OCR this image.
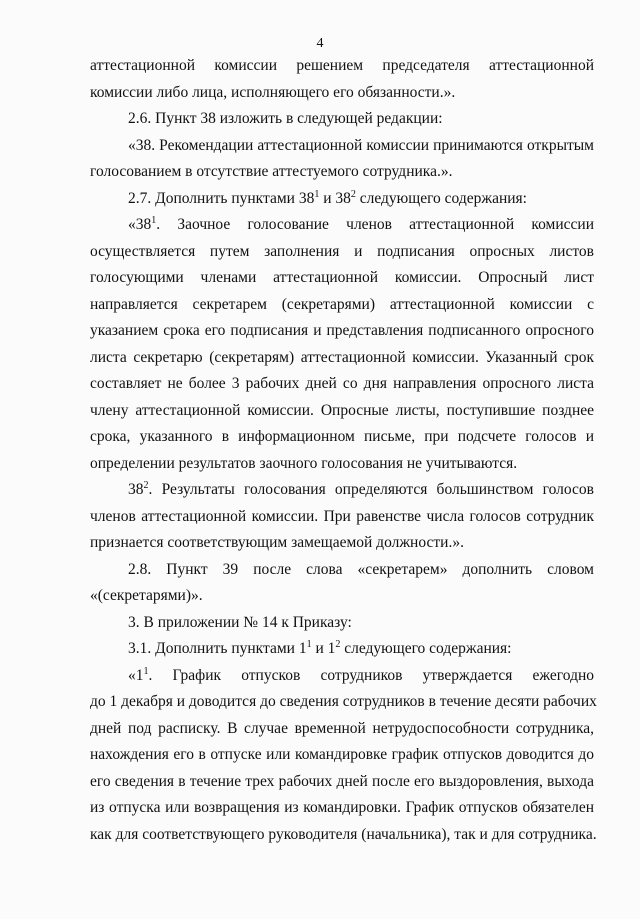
4
аттестационной комиссии решением председателя аттестационной
комиссии либо лица, исполняющего его обязанности.».
2.6. Пункт 38 изложить в следующей редакции:
«38. Рекомендации аттестационной комиссии принимаются открытым
голосованием в отсутствие аттестуемого сотрудника.».
2.7. Дополнить пунктами $38^1$ и $38^2$ следующего содержания:
«$38^1$. Заочное голосование членов аттестационной комиссии
осуществляется путем заполнения и подписания опросных листов
голосующими членами аттестационной комиссии. Опросный лист
направляется секретарем (секретарями) аттестационной комиссии с
указанием срока его подписания и представления подписанного опросного
листа секретарю (секретарям) аттестационной комиссии. Указанный срок
составляет не более 3 рабочих дней со дня направления опросного листа
члену аттестационной комиссии. Опросные листы, поступившие позднее
срока, указанного в информационном письме, при подсчете голосов и
определении результатов заочного голосования не учитываются.
$38^2$. Результаты голосования определяются большинством голосов
членов аттестационной комиссии. При равенстве числа голосов сотрудник
признается соответствующим замещаемой должности.».
2.8. Пункт 39 после слова «секретарем» дополнить словом
«(секретарями)».
3. В приложении № 14 к Приказу:
3.1. Дополнить пунктами $1^1$ и $1^2$ следующего содержания:
«$1^1$. График отпусков сотрудников утверждается ежегодно
до 1 декабря и доводится до сведения сотрудников в течение десяти рабочих
дней под расписку. В случае временной нетрудоспособности сотрудника,
нахождения его в отпуске или командировке график отпусков доводится до
его сведения в течение трех рабочих дней после его выздоровления, выхода
из отпуска или возвращения из командировки. График отпусков обязателен
как для соответствующего руководителя (начальника), так и для сотрудника.
